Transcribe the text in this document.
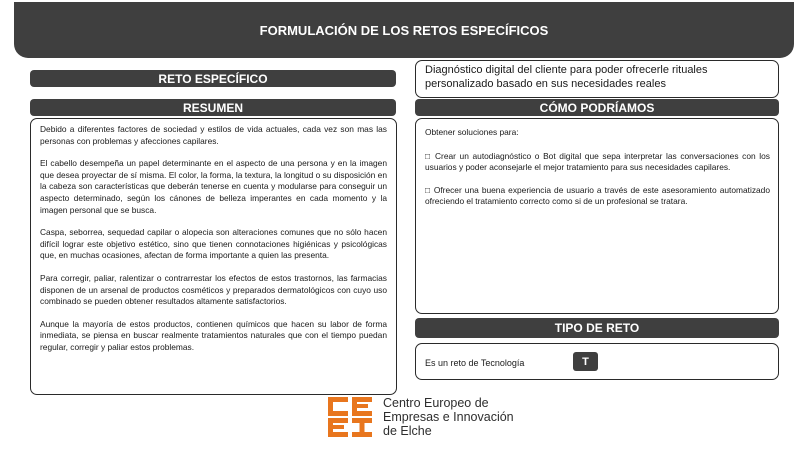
FORMULACIÓN DE LOS RETOS ESPECÍFICOS
RETO ESPECÍFICO
Diagnóstico digital del cliente para poder ofrecerle rituales personalizado basado en sus necesidades reales
RESUMEN

Debido a diferentes factores de sociedad y estilos de vida actuales, cada vez son mas las personas con problemas y afecciones capilares.

El cabello desempeña un papel determinante en el aspecto de una persona y en la imagen que desea proyectar de sí misma. El color, la forma, la textura, la longitud o su disposición en la cabeza son características que deberán tenerse en cuenta y modularse para conseguir un aspecto determinado, según los cánones de belleza imperantes en cada momento y la imagen personal que se busca.

Caspa, seborrea, sequedad capilar o alopecia son alteraciones comunes que no sólo hacen difícil lograr este objetivo estético, sino que tienen connotaciones higiénicas y psicológicas que, en muchas ocasiones, afectan de forma importante a quien las presenta.

Para corregir, paliar, ralentizar o contrarrestar los efectos de estos trastornos, las farmacias disponen de un arsenal de productos cosméticos y preparados dermatológicos con cuyo uso combinado se pueden obtener resultados altamente satisfactorios.

Aunque la mayoría de estos productos, contienen químicos que hacen su labor de forma inmediata, se piensa en buscar realmente tratamientos naturales que con el tiempo puedan regular, corregir y paliar estos problemas.

CÓMO PODRÍAMOS

Obtener soluciones para:

□ Crear un autodiagnóstico o Bot digital que sepa interpretar las conversaciones con los usuarios y poder aconsejarle el mejor tratamiento para sus necesidades capilares.

□ Ofrecer una buena experiencia de usuario a través de este asesoramiento automatizado ofreciendo el tratamiento correcto como si de un profesional se tratara.

TIPO DE RETO
Es un reto de Tecnología	T
Centro Europeo de
Empresas e Innovación
de Elche
